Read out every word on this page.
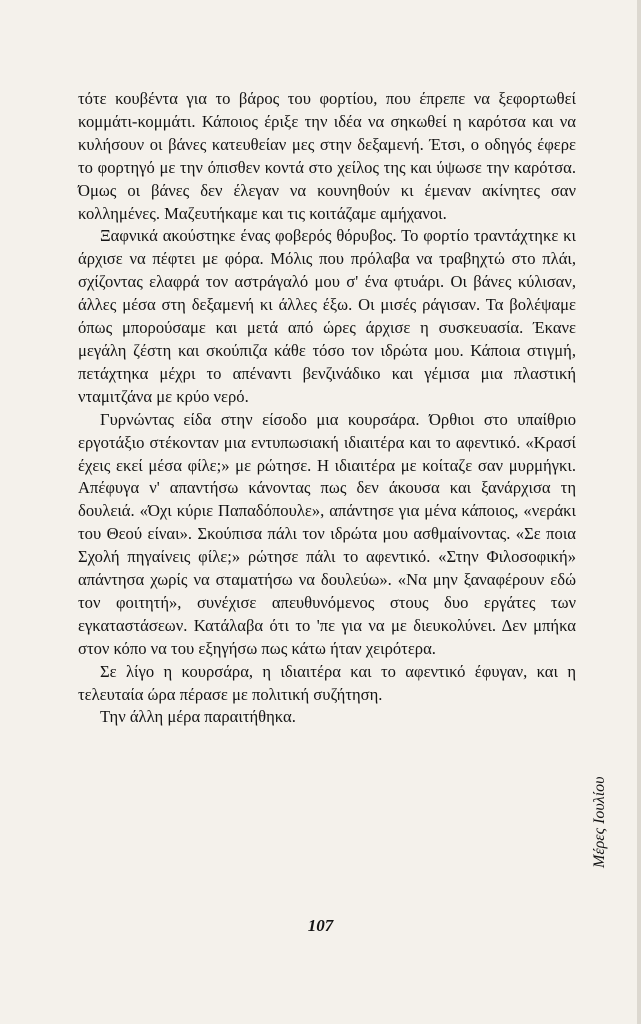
τότε κουβέντα για το βάρος του φορτίου, που έπρεπε να ξεφορτωθεί κομμάτι-κομμάτι. Κάποιος έριξε την ιδέα να σηκωθεί η καρότσα και να κυλήσουν οι βάνες κατευθείαν μες στην δεξαμενή. Έτσι, ο οδηγός έφερε το φορτηγό με την όπισθεν κοντά στο χείλος της και ύψωσε την καρότσα. Όμως οι βάνες δεν έλεγαν να κουνηθούν κι έμεναν ακίνητες σαν κολλημένες. Μαζευτήκαμε και τις κοιτάζαμε αμήχανοι.

Ξαφνικά ακούστηκε ένας φοβερός θόρυβος. Το φορτίο τραντάχτηκε κι άρχισε να πέφτει με φόρα. Μόλις που πρόλαβα να τραβηχτώ στο πλάι, σχίζοντας ελαφρά τον αστράγαλό μου σ' ένα φτυάρι. Οι βάνες κύλισαν, άλλες μέσα στη δεξαμενή κι άλλες έξω. Οι μισές ράγισαν. Τα βολέψαμε όπως μπορούσαμε και μετά από ώρες άρχισε η συσκευασία. Έκανε μεγάλη ζέστη και σκούπιζα κάθε τόσο τον ιδρώτα μου. Κάποια στιγμή, πετάχτηκα μέχρι το απέναντι βενζινάδικο και γέμισα μια πλαστική νταμιτζάνα με κρύο νερό.

Γυρνώντας είδα στην είσοδο μια κουρσάρα. Όρθιοι στο υπαίθριο εργοτάξιο στέκονταν μια εντυπωσιακή ιδιαιτέρα και το αφεντικό. «Κρασί έχεις εκεί μέσα φίλε;» με ρώτησε. Η ιδιαιτέρα με κοίταζε σαν μυρμήγκι. Απέφυγα ν' απαντήσω κάνοντας πως δεν άκουσα και ξανάρχισα τη δουλειά. «Όχι κύριε Παπαδόπουλε», απάντησε για μένα κάποιος, «νεράκι του Θεού είναι». Σκούπισα πάλι τον ιδρώτα μου ασθμαίνοντας. «Σε ποια Σχολή πηγαίνεις φίλε;» ρώτησε πάλι το αφεντικό. «Στην Φιλοσοφική» απάντησα χωρίς να σταματήσω να δουλεύω». «Να μην ξαναφέρουν εδώ τον φοιτητή», συνέχισε απευθυνόμενος στους δυο εργάτες των εγκαταστάσεων. Κατάλαβα ότι το 'πε για να με διευκολύνει. Δεν μπήκα στον κόπο να του εξηγήσω πως κάτω ήταν χειρότερα.

Σε λίγο η κουρσάρα, η ιδιαιτέρα και το αφεντικό έφυγαν, και η τελευταία ώρα πέρασε με πολιτική συζήτηση.

Την άλλη μέρα παραιτήθηκα.

Μέρες Ιουλίου
107
